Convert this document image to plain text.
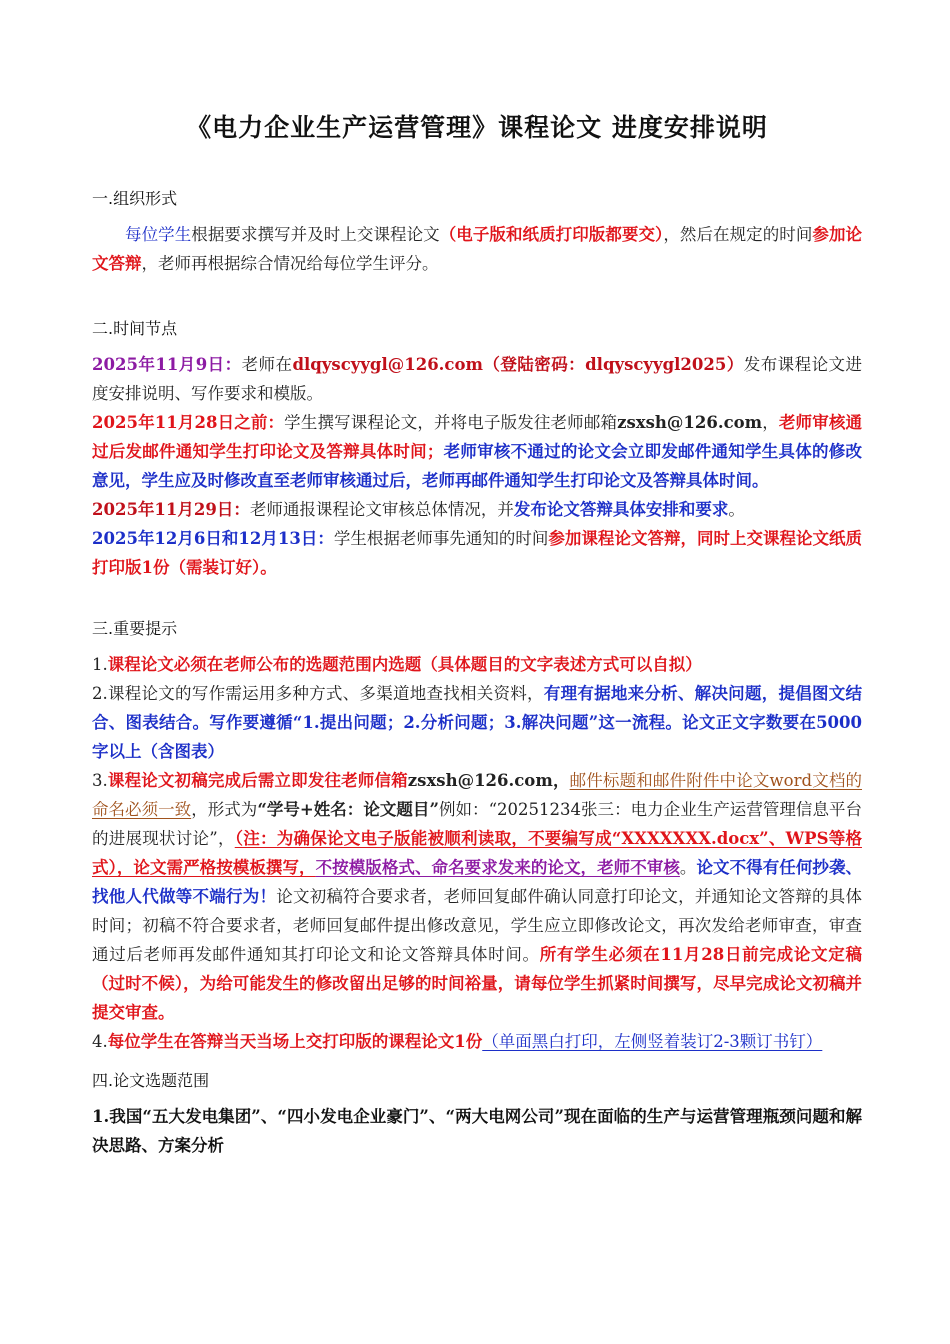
《电力企业生产运营管理》课程论文 进度安排说明
一.组织形式

每位学生根据要求撰写并及时上交课程论文（电子版和纸质打印版都要交），然后在规定的时间参加论文答辩，老师再根据综合情况给每位学生评分。

二.时间节点

2025年11月9日：老师在dlqyscyygl@126.com（登陆密码：dlqyscyygl2025）发布课程论文进度安排说明、写作要求和模版。

2025年11月28日之前：学生撰写课程论文，并将电子版发往老师邮箱zsxsh@126.com，老师审核通过后发邮件通知学生打印论文及答辩具体时间；老师审核不通过的论文会立即发邮件通知学生具体的修改意见，学生应及时修改直至老师审核通过后，老师再邮件通知学生打印论文及答辩具体时间。

2025年11月29日：老师通报课程论文审核总体情况，并发布论文答辩具体安排和要求。

2025年12月6日和12月13日：学生根据老师事先通知的时间参加课程论文答辩，同时上交课程论文纸质打印版1份（需装订好）。

三.重要提示

1.课程论文必须在老师公布的选题范围内选题（具体题目的文字表述方式可以自拟）

2.课程论文的写作需运用多种方式、多渠道地查找相关资料，有理有据地来分析、解决问题，提倡图文结合、图表结合。写作要遵循“1.提出问题；2.分析问题；3.解决问题”这一流程。论文正文字数要在5000字以上（含图表）

3.课程论文初稿完成后需立即发往老师信箱zsxsh@126.com，邮件标题和邮件附件中论文word文档的命名必须一致，形式为“学号+姓名：论文题目”例如：“20251234张三：电力企业生产运营管理信息平台的进展现状讨论”，（注：为确保论文电子版能被顺利读取，不要编写成“XXXXXXX.docx”、WPS等格式），论文需严格按模板撰写，不按模版格式、命名要求发来的论文，老师不审核。论文不得有任何抄袭、找他人代做等不端行为！论文初稿符合要求者，老师回复邮件确认同意打印论文，并通知论文答辩的具体时间；初稿不符合要求者，老师回复邮件提出修改意见，学生应立即修改论文，再次发给老师审查，审查通过后老师再发邮件通知其打印论文和论文答辩具体时间。所有学生必须在11月28日前完成论文定稿（过时不候），为给可能发生的修改留出足够的时间裕量，请每位学生抓紧时间撰写，尽早完成论文初稿并提交审查。

4.每位学生在答辩当天当场上交打印版的课程论文1份（单面黑白打印，左侧竖着装订2-3颗订书钉）

四.论文选题范围

1.我国“五大发电集团”、“四小发电企业豪门”、“两大电网公司”现在面临的生产与运营管理瓶颈问题和解决思路、方案分析
